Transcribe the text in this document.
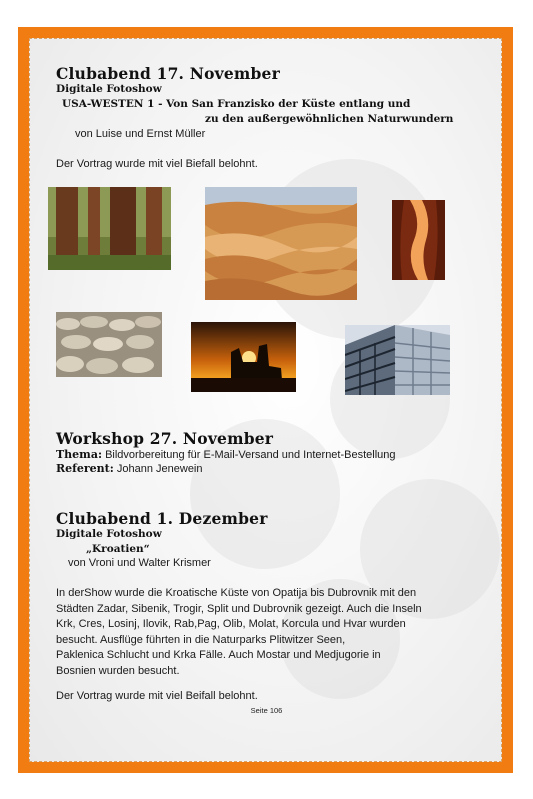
Clubabend 17. November
Digitale Fotoshow
USA-WESTEN 1 - Von San Franzisko der Küste entlang und
zu den außergewöhnlichen Naturwundern
von Luise und Ernst Müller
Der Vortrag wurde mit viel Biefall belohnt.
Workshop 27. November
Thema: Bildvorbereitung für E-Mail-Versand und Internet-Bestellung
Referent: Johann Jenewein
Clubabend 1. Dezember
Digitale Fotoshow
„Kroatien“
von Vroni und Walter Krismer
In derShow wurde die Kroatische Küste von Opatija bis Dubrovnik mit den
Städten Zadar, Sibenik, Trogir, Split und Dubrovnik gezeigt. Auch die Inseln
Krk, Cres, Losinj, Ilovik, Rab,Pag, Olib, Molat, Korcula und Hvar wurden
besucht. Ausflüge führten in die Naturparks Plitwitzer Seen,
Paklenica Schlucht und Krka Fälle. Auch Mostar und Medjugorie in
Bosnien wurden besucht.
Der Vortrag wurde mit viel Beifall belohnt.
Seite 106
